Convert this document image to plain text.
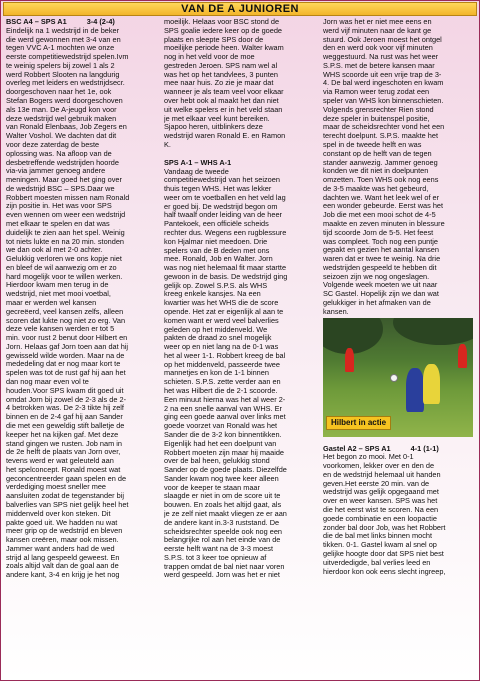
VAN DE A JUNIOREN

BSC A4 – SPS A1	3-4 (2-4)

Eindelijk na 1 wedstrijd in de beker
die werd gewonnen met 3-4 van en
tegen VVC A-1 mochten we onze
eerste competitiewedstrijd spelen.Ivm
te weinig spelers bij zowel 1 als 2
werd Robbert Slooten na langdurig
overleg met leiders en wedstrijdsecr.
doorgeschoven naar het 1e, ook
Stefan Bogers werd doorgeschoven
als 13e man. De A-jeugd kon voor
deze wedstrijd wel gebruik maken
van Ronald Elenbaas, Job Zegers en
Walter Voshol. We dachten dat dit
voor deze zaterdag de beste
oplossing was. Na afloop van de
desbetreffende wedstrijden hoorde
via-via jammer genoeg andere
meningen. Maar goed het ging over
de wedstrijd BSC – SPS.Daar we
Robbert moesten missen nam Ronald
zijn positie in. Het was voor SPS
even wennen om weer een wedstrijd
met elkaar te spelen en dat was
duidelijk te zien aan het spel. Weinig
tot niets lukte en na 20 min. stonden
we dan ook al met 2-0 achter.
Gelukkig verloren we ons kopje niet
en bleef de wil aanwezig om er zo
hard mogelijk voor te willen werken.
Hierdoor kwam men terug in de
wedstrijd, niet met mooi voetbal,
maar er werden wel kansen
gecreëerd, veel kansen zelfs, alleen
scoren dat lukte nog niet zo erg. Van
deze vele kansen werden er tot 5
min. voor rust 2 benut door Hilbert en
Jorn. Helaas gaf Jorn toen aan dat hij
gewisseld wilde worden. Maar na de
mededeling dat er nog maar kort te
spelen was tot de rust gaf hij aan het
dan nog maar even vol te
houden.Voor SPS kwam dit goed uit
omdat Jorn bij zowel de 2-3 als de 2-
4 betrokken was. De 2-3 tikte hij zelf
binnen en de 2-4 gaf hij aan Sander
die met een geweldig stift balletje de
keeper het na kijken gaf. Met deze
stand gingen we rusten. Job nam in
de 2e helft de plaats van Jorn over,
tevens werd er wat geleuteld aan
het spelconcept. Ronald moest wat
geconcentreerder gaan spelen en de
verdediging moest sneller mee
aansluiten zodat de tegenstander bij
balverlies van SPS niet gelijk heel het
middenveld over kon steken. Dit
pakte goed uit. We hadden nu wat
meer grip op de wedstrijd en bleven
kansen creëren, maar ook missen.
Jammer want anders had de wed
strijd al lang gespeeld geweest. En
zoals altijd valt dan de goal aan de
andere kant, 3-4 en krijg je het nog
moeilijk. Helaas voor BSC stond de
SPS goalie iedere keer op de goede
plaats en sleepte SPS door de
moeilijke periode heen. Walter kwam
nog in het veld voor de moe
gestreden Jeroen. SPS nam wel al
was het op het tandvlees, 3 punten
mee naar huis. Zo zie je maar dat
wanneer je als team veel voor elkaar
over hebt ook al maakt het dan niet
uit welke spelers er in het veld staan
je met elkaar veel kunt bereiken.
Sjapoo heren, uitblinkers deze
wedstrijd waren Ronald E. en Ramon
K.

SPS A-1 – WHS A-1

Vandaag de tweede
competitiewedstrijd van het seizoen
thuis tegen WHS. Het was lekker
weer om te voetballen en het veld lag
er goed bij. De wedstrijd begon om
half twaalf onder leiding van de heer
Pantekoek, een officiële scheids
rechter dus. Wegens een rugblessure
kon Hjalmar niet meedoen. Drie
spelers van de B deden met ons
mee. Ronald, Job en Walter. Jorn
was nog niet helemaal fit maar startte
gewoon in de basis. De wedstrijd ging
gelijk op. Zowel S.P.S. als WHS
kreeg enkele kansjes. Na een
kwartier was het WHS die de score
opende. Het zat er eigenlijk al aan te
komen want er werd veel balverlies
geleden op het middenveld. We
pakten de draad zo snel mogelijk
weer op en niet lang na de 0-1 was
het al weer 1-1. Robbert kreeg de bal
op het middenveld, passeerde twee
mannetjes en kon de 1-1 binnen
schieten. S.P.S. zette verder aan en
het was Hilbert die de 2-1 scoorde.
Een minuut hierna was het al weer 2-
2 na een snelle aanval van WHS. Er
ging een goede aanval over links met
goede voorzet van Ronald was het
Sander die de 3-2 kon binnentikken.
Eigenlijk had het een doelpunt van
Robbert moeten zijn maar hij maaide
over de bal heen, gelukkig stond
Sander op de goede plaats. Diezelfde
Sander kwam nog twee keer alleen
voor de keeper te staan maar
slaagde er niet in om de score uit te
bouwen. En zoals het altijd gaat, als
je ze zelf niet maakt vliegen ze er aan
de andere kant in.3-3 ruststand. De
scheidsrechter speelde ook nog een
belangrijke rol aan het einde van de
eerste helft want na de 3-3 moest
S.P.S. tot 3 keer toe opnieuw af
trappen omdat de bal niet naar voren
werd gespeeld. Jorn was het er niet
Jorn was het er niet mee eens en
werd vijf minuten naar de kant ge
stuurd. Ook Jeroen moest het ontgel
den en werd ook voor vijf minuten
weggestuurd. Na rust was het weer
S.P.S. met de betere kansen maar
WHS scoorde uit een vrije trap de 3-
4. De bal werd ingeschoten en kwam
via Ramon weer terug zodat een
speler van WHS kon binnenschieten.
Volgends grensrechter Rien stond
deze speler in buitenspel positie,
maar de scheidsrechter vond het een
terecht doelpunt. S.P.S. maakte het
spel in de tweede helft en was
constant op de helft van de tegen
stander aanwezig. Jammer genoeg
konden we dit niet in doelpunten
omzetten. Toen WHS ook nog eens
de 3-5 maakte was het gebeurd,
dachten we. Want het leek wel of er
een wonder gebeurde. Eerst was het
Job die met een mooi schot de 4-5
maakte en zeven minuten in blessure
tijd scoorde Jorn de 5-5. Het feest
was compleet. Toch nog een puntje
gepakt en gezien het aantal kansen
waren dat er twee te weinig. Na drie
wedstrijden gespeeld te hebben dit
seizoen zijn we nog ongeslagen.
Volgende week moeten we uit naar
SC Gastel. Hopelijk zijn we dan wat
gelukkiger in het afmaken van de
kansen.
Hilbert in actie

Gastel A2 – SPS A1	4-1 (1-1)

Het begon zo mooi. Met 0-1
voorkomen, lekker over en den de
en de wedstrijd helemaal uit handen
geven.Het eerste 20 min. van de
wedstrijd was gelijk opgegaand met
over en weer kansen. SPS was het
die het eerst wist te scoren. Na een
goede combinatie en een loopactie
zonder bal door Job, was het Robbert
die de bal met links binnen mocht
tikken. 0-1. Gastel kwam al snel op
gelijke hoogte door dat SPS niet best
uitverdedigde, bal verlies leed en
hierdoor kon ook eens slecht ingreep,
